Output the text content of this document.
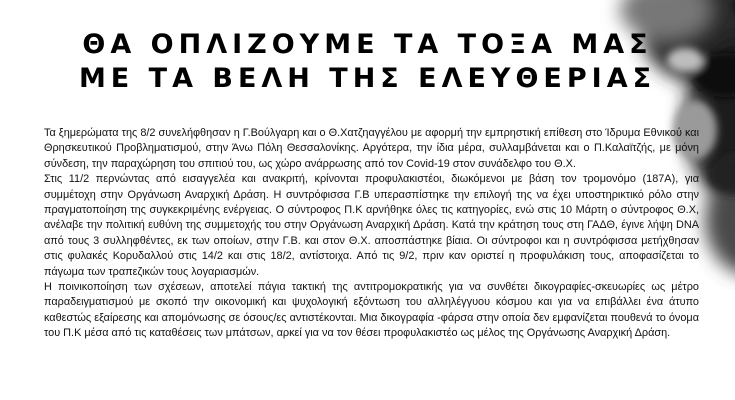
ΘΑ ΟΠΛΙΖΟΥΜΕ ΤΑ ΤΟΞΑ ΜΑΣ
ΜΕ ΤΑ ΒΕΛΗ ΤΗΣ ΕΛΕΥΘΕΡΙΑΣ

Τα ξημερώματα της 8/2 συνελήφθησαν η Γ.Βούλγαρη και ο Θ.Χατζηαγγέλου με αφορμή την εμπρηστική επίθεση στο Ίδρυμα Εθνικού και Θρησκευτικού Προβληματισμού, στην Άνω Πόλη Θεσσαλονίκης. Αργότερα, την ίδια μέρα, συλλαμβάνεται και ο Π.Καλαϊτζής, με μόνη σύνδεση, την παραχώρηση του σπιτιού του, ως χώρο ανάρρωσης από τον Covid-19 στον συνάδελφο του Θ.Χ.

Στις 11/2 περνώντας από εισαγγελέα και ανακριτή, κρίνονται προφυλακιστέοι, διωκόμενοι με βάση τον τρομονόμο (187Α), για συμμέτοχη στην Οργάνωση Αναρχική Δράση. Η συντρόφισσα Γ.Β υπερασπίστηκε την επιλογή της να έχει υποστηρικτικό ρόλο στην πραγματοποίηση της συγκεκριμένης ενέργειας. Ο σύντροφος Π.Κ αρνήθηκε όλες τις κατηγορίες, ενώ στις 10 Μάρτη ο σύντροφος Θ.Χ, ανέλαβε την πολιτική ευθύνη της συμμετοχής του στην Οργάνωση Αναρχική Δράση. Κατά την κράτηση τους στη ΓΑΔΘ, έγινε λήψη DNA από τους 3 συλληφθέντες, εκ των οποίων, στην Γ.Β. και στον Θ.Χ. αποσπάστηκε βίαια. Οι σύντροφοι και η συντρόφισσα μετήχθησαν στις φυλακές Κορυδαλλού στις 14/2 και στις 18/2, αντίστοιχα. Από τις 9/2, πριν καν οριστεί η προφυλάκιση τους, αποφασίζεται το πάγωμα των τραπεζικών τους λογαριασμών.

Η ποινικοποίηση των σχέσεων, αποτελεί πάγια τακτική της αντιτρομοκρατικής για να συνθέτει δικογραφίες-σκευωρίες ως μέτρο παραδειγματισμού με σκοπό την οικονομική και ψυχολογική εξόντωση του αλληλέγγυου κόσμου και για να επιβάλλει ένα άτυπο καθεστώς εξαίρεσης και απομόνωσης σε όσους/ες αντιστέκονται. Μια δικογραφία -φάρσα στην οποία δεν εμφανίζεται πουθενά το όνομα του Π.Κ μέσα από τις καταθέσεις των μπάτσων, αρκεί για να τον θέσει προφυλακιστέο ως μέλος της Οργάνωσης Αναρχική Δράση.
